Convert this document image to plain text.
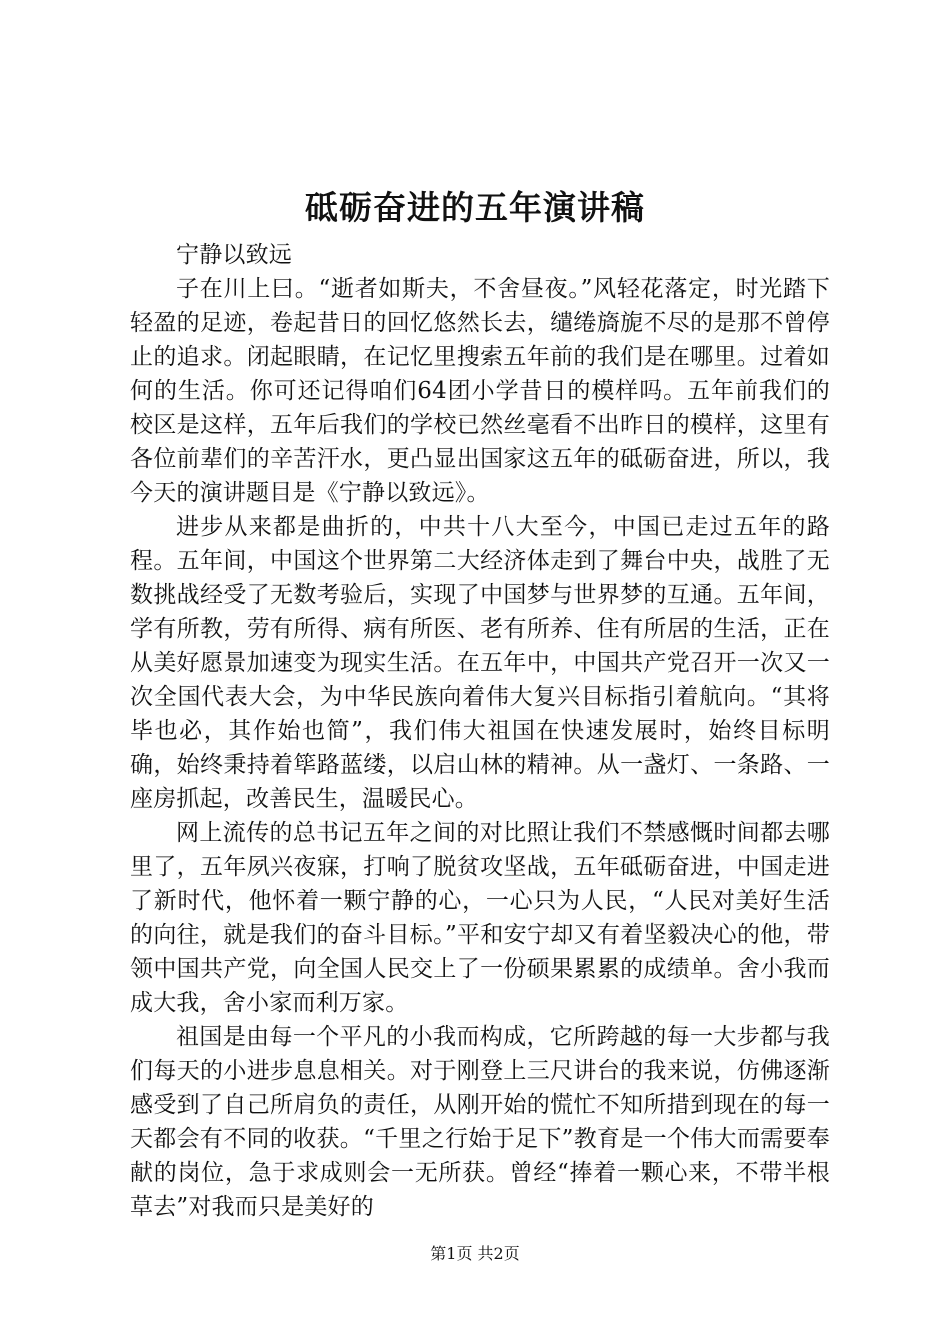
砥砺奋进的五年演讲稿
宁静以致远

子在川上曰。“逝者如斯夫，不舍昼夜。”风轻花落定，时光踏下轻盈的足迹，卷起昔日的回忆悠然长去，缱绻旖旎不尽的是那不曾停止的追求。闭起眼睛，在记忆里搜索五年前的我们是在哪里。过着如何的生活。你可还记得咱们64团小学昔日的模样吗。五年前我们的校区是这样，五年后我们的学校已然丝毫看不出昨日的模样，这里有各位前辈们的辛苦汗水，更凸显出国家这五年的砥砺奋进，所以，我今天的演讲题目是《宁静以致远》。

进步从来都是曲折的，中共十八大至今，中国已走过五年的路程。五年间，中国这个世界第二大经济体走到了舞台中央，战胜了无数挑战经受了无数考验后，实现了中国梦与世界梦的互通。五年间，学有所教，劳有所得、病有所医、老有所养、住有所居的生活，正在从美好愿景加速变为现实生活。在五年中，中国共产党召开一次又一次全国代表大会，为中华民族向着伟大复兴目标指引着航向。“其将毕也必，其作始也简”，我们伟大祖国在快速发展时，始终目标明确，始终秉持着筚路蓝缕，以启山林的精神。从一盏灯、一条路、一座房抓起，改善民生，温暖民心。

网上流传的总书记五年之间的对比照让我们不禁感慨时间都去哪里了，五年夙兴夜寐，打响了脱贫攻坚战，五年砥砺奋进，中国走进了新时代，他怀着一颗宁静的心，一心只为人民，“人民对美好生活的向往，就是我们的奋斗目标。”平和安宁却又有着坚毅决心的他，带领中国共产党，向全国人民交上了一份硕果累累的成绩单。舍小我而成大我，舍小家而利万家。

祖国是由每一个平凡的小我而构成，它所跨越的每一大步都与我们每天的小进步息息相关。对于刚登上三尺讲台的我来说，仿佛逐渐感受到了自己所肩负的责任，从刚开始的慌忙不知所措到现在的每一天都会有不同的收获。“千里之行始于足下”教育是一个伟大而需要奉献的岗位，急于求成则会一无所获。曾经“捧着一颗心来，不带半根草去”对我而只是美好的

第1页 共2页
